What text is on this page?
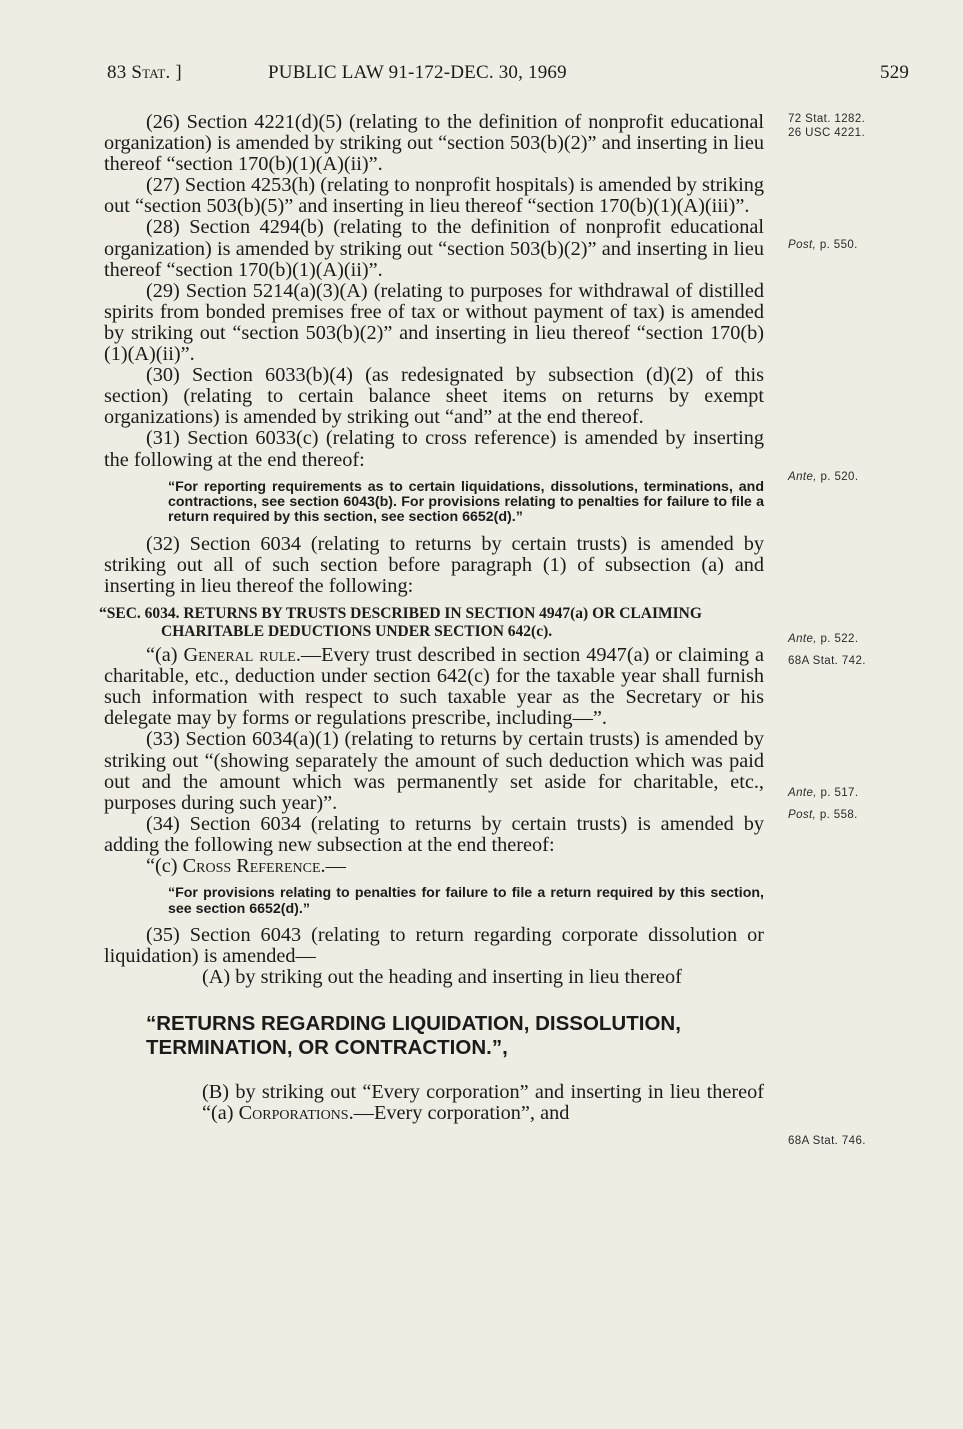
83 Stat. ]	PUBLIC LAW 91-172-DEC. 30, 1969	529

(26) Section 4221(d)(5) (relating to the definition of nonprofit educational organization) is amended by striking out “section 503(b)(2)” and inserting in lieu thereof “section 170(b)(1)(A)(ii)”.

(27) Section 4253(h) (relating to nonprofit hospitals) is amended by striking out “section 503(b)(5)” and inserting in lieu thereof “section 170(b)(1)(A)(iii)”.

(28) Section 4294(b) (relating to the definition of nonprofit educational organization) is amended by striking out “section 503(b)(2)” and inserting in lieu thereof “section 170(b)(1)(A)(ii)”.

(29) Section 5214(a)(3)(A) (relating to purposes for withdrawal of distilled spirits from bonded premises free of tax or without payment of tax) is amended by striking out “section 503(b)(2)” and inserting in lieu thereof “section 170(b)(1)(A)(ii)”.

(30) Section 6033(b)(4) (as redesignated by subsection (d)(2) of this section) (relating to certain balance sheet items on returns by exempt organizations) is amended by striking out “and” at the end thereof.

(31) Section 6033(c) (relating to cross reference) is amended by inserting the following at the end thereof:

“For reporting requirements as to certain liquidations, dissolutions, terminations, and contractions, see section 6043(b). For provisions relating to penalties for failure to file a return required by this section, see section 6652(d).”

(32) Section 6034 (relating to returns by certain trusts) is amended by striking out all of such section before paragraph (1) of subsection (a) and inserting in lieu thereof the following:

“SEC. 6034. RETURNS BY TRUSTS DESCRIBED IN SECTION 4947(a) OR CLAIMING CHARITABLE DEDUCTIONS UNDER SECTION 642(c).

“(a) General rule.—Every trust described in section 4947(a) or claiming a charitable, etc., deduction under section 642(c) for the taxable year shall furnish such information with respect to such taxable year as the Secretary or his delegate may by forms or regulations prescribe, including—”.

(33) Section 6034(a)(1) (relating to returns by certain trusts) is amended by striking out “(showing separately the amount of such deduction which was paid out and the amount which was permanently set aside for charitable, etc., purposes during such year)”.

(34) Section 6034 (relating to returns by certain trusts) is amended by adding the following new subsection at the end thereof:

“(c) Cross Reference.—

“For provisions relating to penalties for failure to file a return required by this section, see section 6652(d).”

(35) Section 6043 (relating to return regarding corporate dissolution or liquidation) is amended—

(A) by striking out the heading and inserting in lieu thereof

“RETURNS REGARDING LIQUIDATION, DISSOLUTION, TERMINATION, OR CONTRACTION.”,

(B) by striking out “Every corporation” and inserting in lieu thereof “(a) Corporations.—Every corporation”, and

72 Stat. 1282.
26 USC 4221.
Post, p. 550.
Ante, p. 520.
Ante, p. 522.
68A Stat. 742.
Ante, p. 517.
Post, p. 558.
68A Stat. 746.
